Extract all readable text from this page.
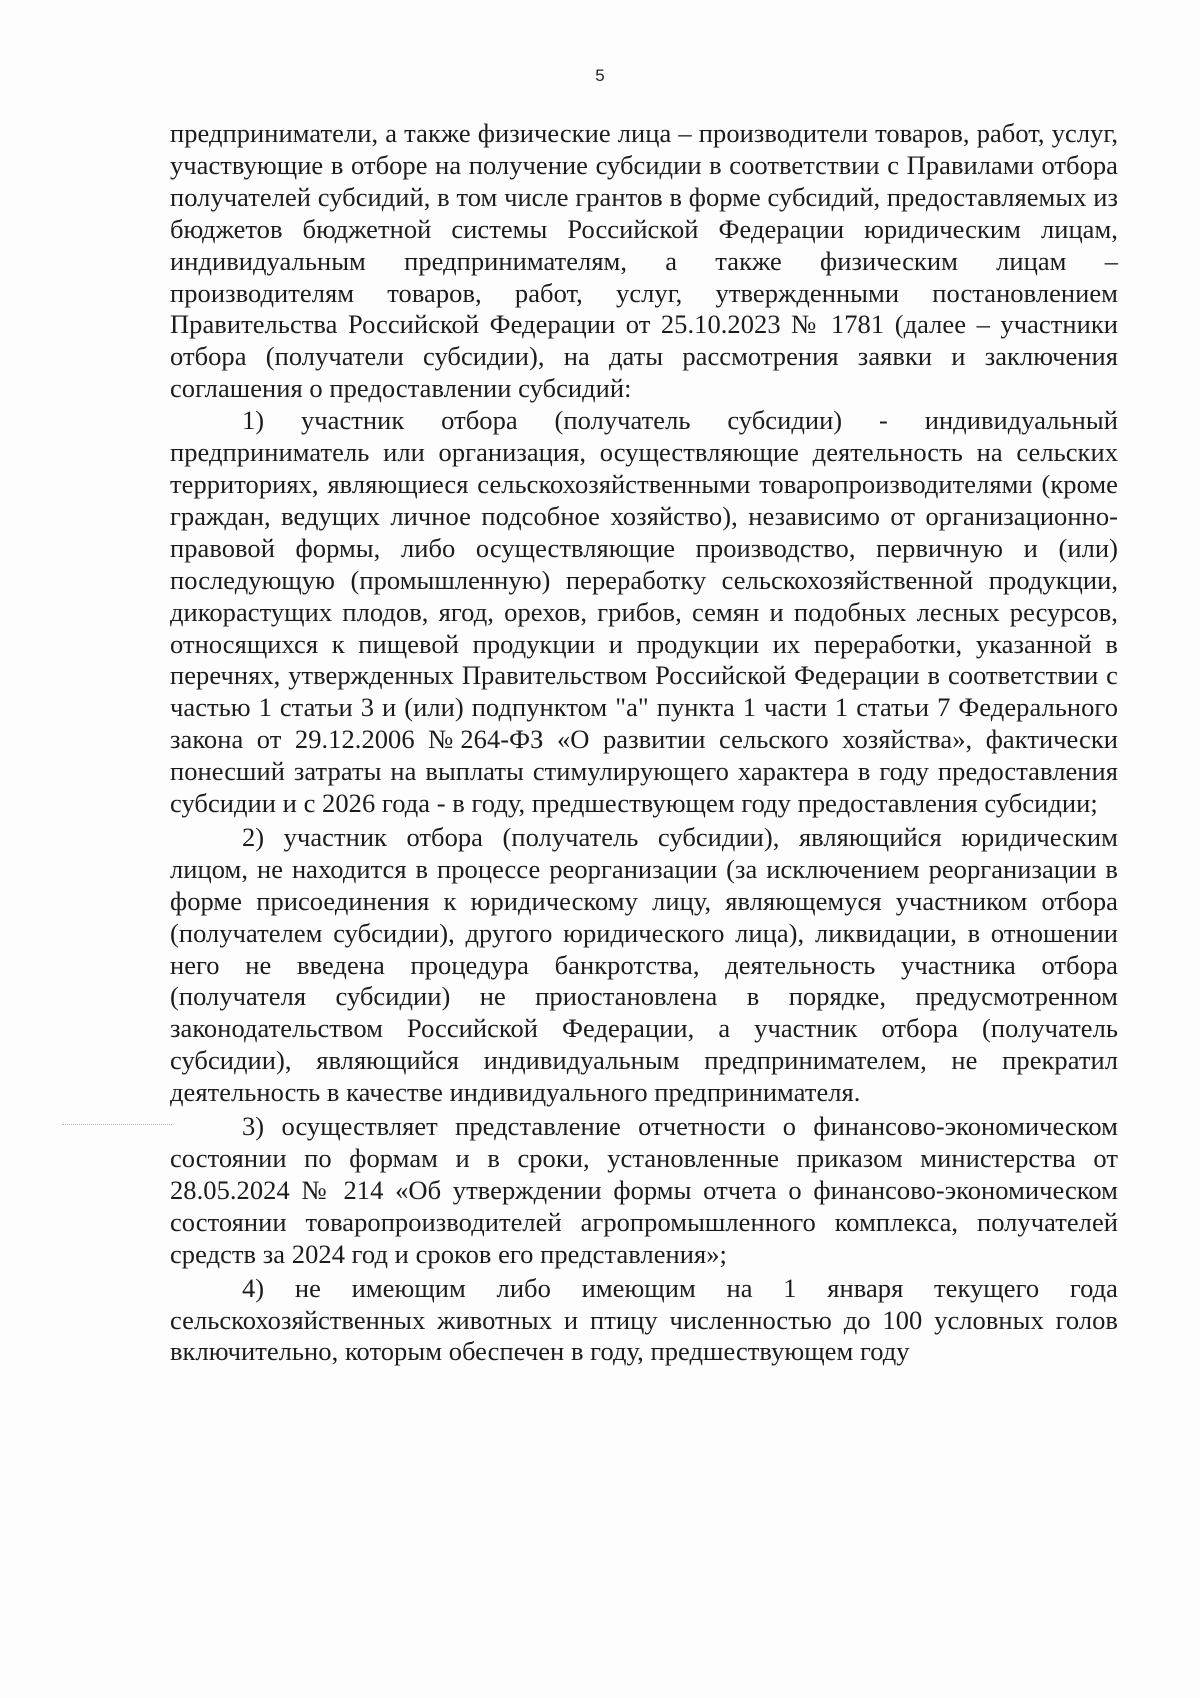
5

предприниматели, а также физические лица – производители товаров, работ, услуг, участвующие в отборе на получение субсидии в соответствии с Правилами отбора получателей субсидий, в том числе грантов в форме субсидий, предоставляемых из бюджетов бюджетной системы Российской Федерации юридическим лицам, индивидуальным предпринимателям, а также физическим лицам – производителям товаров, работ, услуг, утвержденными постановлением Правительства Российской Федерации от 25.10.2023 № 1781 (далее – участники отбора (получатели субсидии), на даты рассмотрения заявки и заключения соглашения о предоставлении субсидий:

1) участник отбора (получатель субсидии) - индивидуальный предприниматель или организация, осуществляющие деятельность на сельских территориях, являющиеся сельскохозяйственными товаропроизводителями (кроме граждан, ведущих личное подсобное хозяйство), независимо от организационно-правовой формы, либо осуществляющие производство, первичную и (или) последующую (промышленную) переработку сельскохозяйственной продукции, дикорастущих плодов, ягод, орехов, грибов, семян и подобных лесных ресурсов, относящихся к пищевой продукции и продукции их переработки, указанной в перечнях, утвержденных Правительством Российской Федерации в соответствии с частью 1 статьи 3 и (или) подпунктом "а" пункта 1 части 1 статьи 7 Федерального закона от 29.12.2006 №264-ФЗ «О развитии сельского хозяйства», фактически понесший затраты на выплаты стимулирующего характера в году предоставления субсидии и с 2026 года - в году, предшествующем году предоставления субсидии;

2) участник отбора (получатель субсидии), являющийся юридическим лицом, не находится в процессе реорганизации (за исключением реорганизации в форме присоединения к юридическому лицу, являющемуся участником отбора (получателем субсидии), другого юридического лица), ликвидации, в отношении него не введена процедура банкротства, деятельность участника отбора (получателя субсидии) не приостановлена в порядке, предусмотренном законодательством Российской Федерации, а участник отбора (получатель субсидии), являющийся индивидуальным предпринимателем, не прекратил деятельность в качестве индивидуального предпринимателя.

3) осуществляет представление отчетности о финансово-экономическом состоянии по формам и в сроки, установленные приказом министерства от 28.05.2024 № 214 «Об утверждении формы отчета о финансово-экономическом состоянии товаропроизводителей агропромышленного комплекса, получателей средств за 2024 год и сроков его представления»;

4) не имеющим либо имеющим на 1 января текущего года сельскохозяйственных животных и птицу численностью до 100 условных голов включительно, которым обеспечен в году, предшествующем году
